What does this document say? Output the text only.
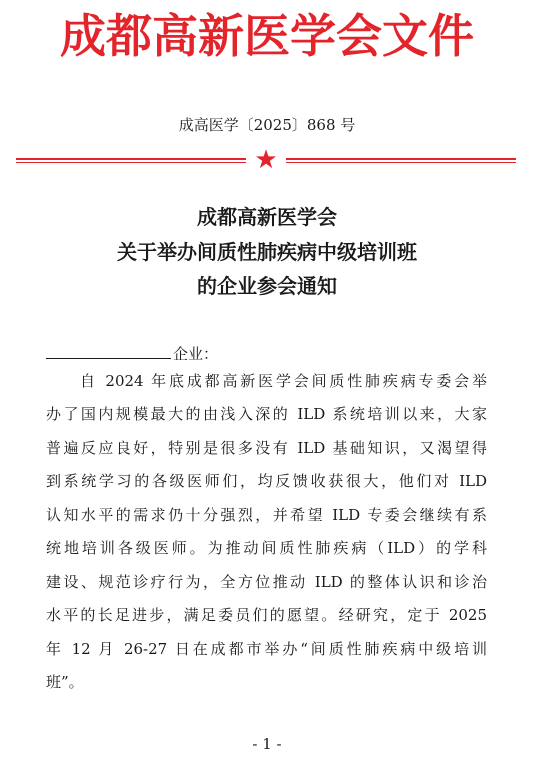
成都高新医学会文件
成高医学〔2025〕868 号
★
成都高新医学会
关于举办间质性肺疾病中级培训班
的企业参会通知
企业：
自 2024 年底成都高新医学会间质性肺疾病专委会举
办了国内规模最大的由浅入深的 ILD 系统培训以来，大家
普遍反应良好，特别是很多没有 ILD 基础知识，又渴望得
到系统学习的各级医师们，均反馈收获很大，他们对 ILD
认知水平的需求仍十分强烈，并希望 ILD 专委会继续有系
统地培训各级医师。为推动间质性肺疾病（ILD）的学科
建设、规范诊疗行为，全方位推动 ILD 的整体认识和诊治
水平的长足进步，满足委员们的愿望。经研究，定于 2025
年 12 月 26-27 日在成都市举办“间质性肺疾病中级培训
班”。
- 1 -
